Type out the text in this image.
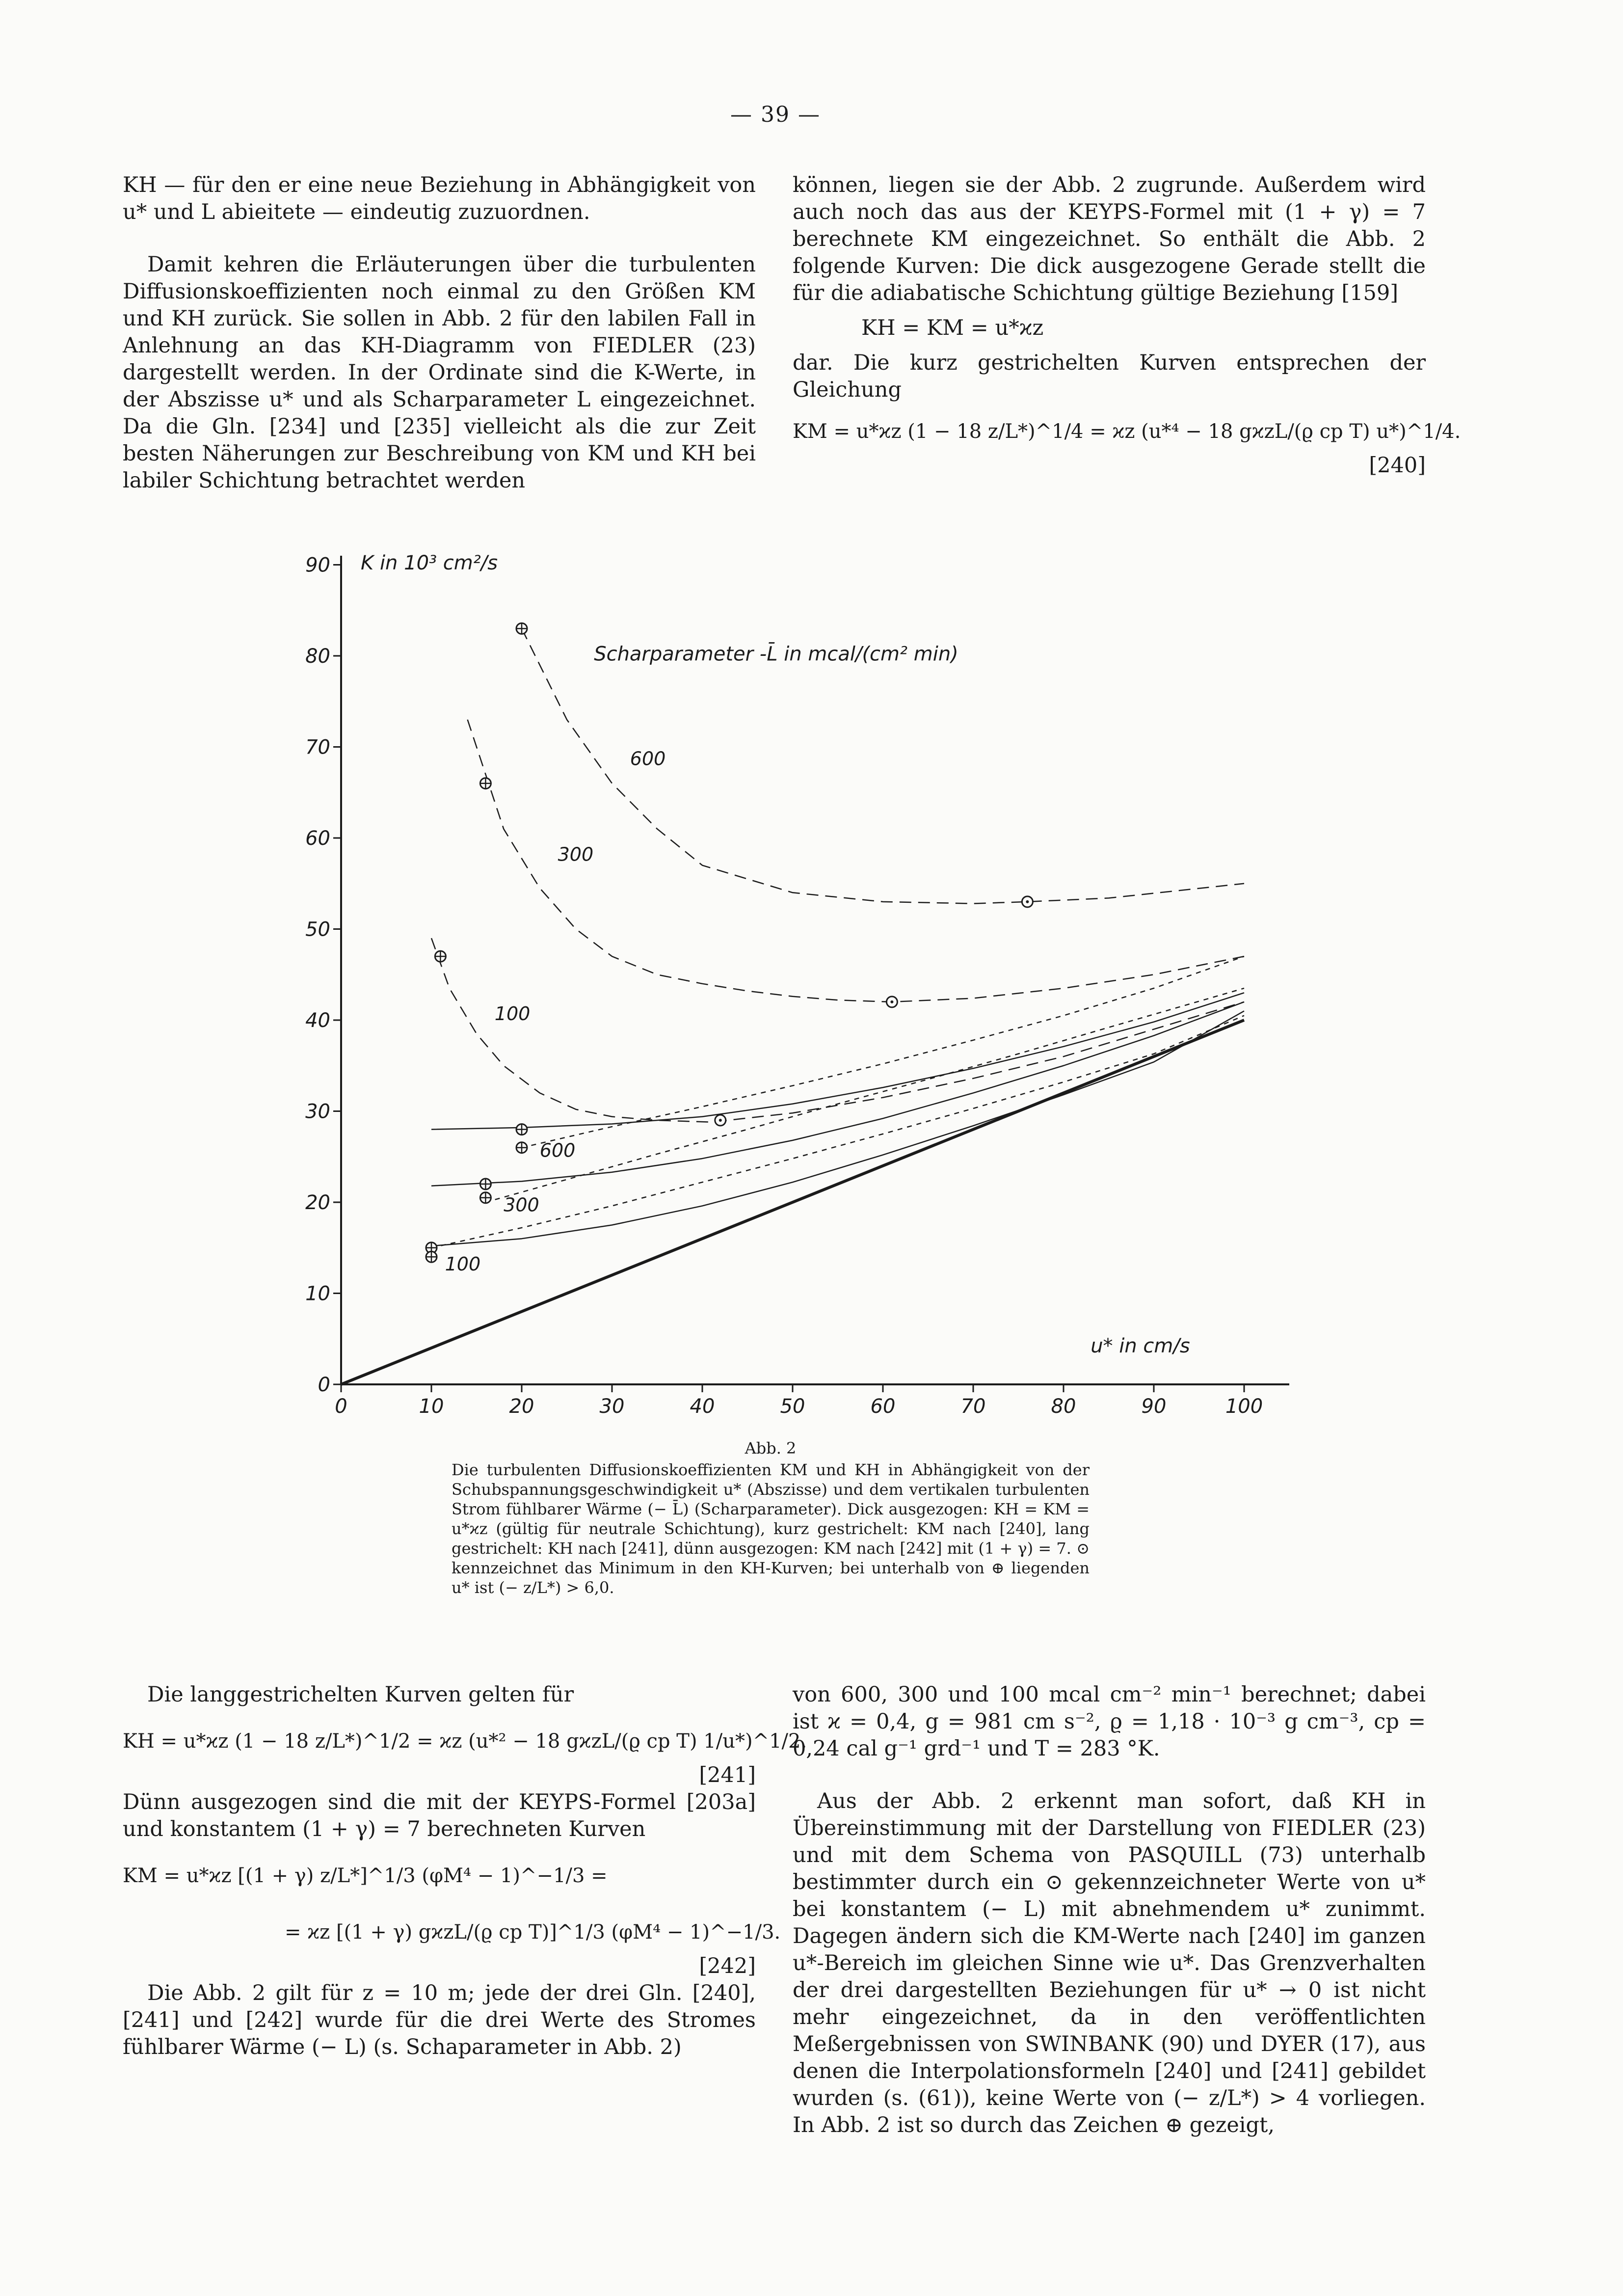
— 39 —

KH — für den er eine neue Beziehung in Abhängigkeit von u* und L abieitete — eindeutig zuzuordnen.

Damit kehren die Erläuterungen über die turbulenten Diffusionskoeffizienten noch einmal zu den Größen KM und KH zurück. Sie sollen in Abb. 2 für den labilen Fall in Anlehnung an das KH-Diagramm von FIEDLER (23) dargestellt werden. In der Ordinate sind die K-Werte, in der Abszisse u* und als Scharparameter L eingezeichnet. Da die Gln. [234] und [235] vielleicht als die zur Zeit besten Näherungen zur Beschreibung von KM und KH bei labiler Schichtung betrachtet werden

können, liegen sie der Abb. 2 zugrunde. Außerdem wird auch noch das aus der KEYPS-Formel mit (1 + γ) = 7 berechnete KM eingezeichnet. So enthält die Abb. 2 folgende Kurven: Die dick ausgezogene Gerade stellt die für die adiabatische Schichtung gültige Beziehung [159]

KH = KM = u*ϰz

dar. Die kurz gestrichelten Kurven entsprechen der Gleichung

KM = u*ϰz (1 − 18 z/L*)^1/4 = ϰz (u*⁴ − 18 gϰzL/(ϱ cp T) u*)^1/4.

[240]

0	10	20	30	40	50	60	70	80	90	100
0
10
20
30
40
50
60
70
80
90 K in 10³ cm²/s
u* in cm/s
Scharparameter -L̄ in mcal/(cm² min)
600
300
100
600
300
100
Abb. 2
Die turbulenten Diffusionskoeffizienten KM und KH in Abhängigkeit von der Schubspannungsgeschwindigkeit u* (Abszisse) und dem vertikalen turbulenten Strom fühlbarer Wärme (− L̄) (Scharparameter). Dick ausgezogen: KH = KM = u*ϰz (gültig für neutrale Schichtung), kurz gestrichelt: KM nach [240], lang gestrichelt: KH nach [241], dünn ausgezogen: KM nach [242] mit (1 + γ) = 7. ⊙ kennzeichnet das Minimum in den KH-Kurven; bei unterhalb von ⊕ liegenden u* ist (− z/L*) > 6,0.

Die langgestrichelten Kurven gelten für

KH = u*ϰz (1 − 18 z/L*)^1/2 = ϰz (u*² − 18 gϰzL/(ϱ cp T) 1/u*)^1/2.

[241]

Dünn ausgezogen sind die mit der KEYPS-Formel [203a] und konstantem (1 + γ) = 7 berechneten Kurven

KM = u*ϰz [(1 + γ) z/L*]^1/3 (φM⁴ − 1)^−1/3 =

= ϰz [(1 + γ) gϰzL/(ϱ cp T)]^1/3 (φM⁴ − 1)^−1/3.

[242]

Die Abb. 2 gilt für z = 10 m; jede der drei Gln. [240], [241] und [242] wurde für die drei Werte des Stromes fühlbarer Wärme (− L) (s. Schaparameter in Abb. 2)

von 600, 300 und 100 mcal cm⁻² min⁻¹ berechnet; dabei ist ϰ = 0,4, g = 981 cm s⁻², ϱ = 1,18 · 10⁻³ g cm⁻³, cp = 0,24 cal g⁻¹ grd⁻¹ und T = 283 °K.

Aus der Abb. 2 erkennt man sofort, daß KH in Übereinstimmung mit der Darstellung von FIEDLER (23) und mit dem Schema von PASQUILL (73) unterhalb bestimmter durch ein ⊙ gekennzeichneter Werte von u* bei konstantem (− L) mit abnehmendem u* zunimmt. Dagegen ändern sich die KM-Werte nach [240] im ganzen u*-Bereich im gleichen Sinne wie u*. Das Grenzverhalten der drei dargestellten Beziehungen für u* → 0 ist nicht mehr eingezeichnet, da in den veröffentlichten Meßergebnissen von SWINBANK (90) und DYER (17), aus denen die Interpolationsformeln [240] und [241] gebildet wurden (s. (61)), keine Werte von (− z/L*) > 4 vorliegen. In Abb. 2 ist so durch das Zeichen ⊕ gezeigt,
